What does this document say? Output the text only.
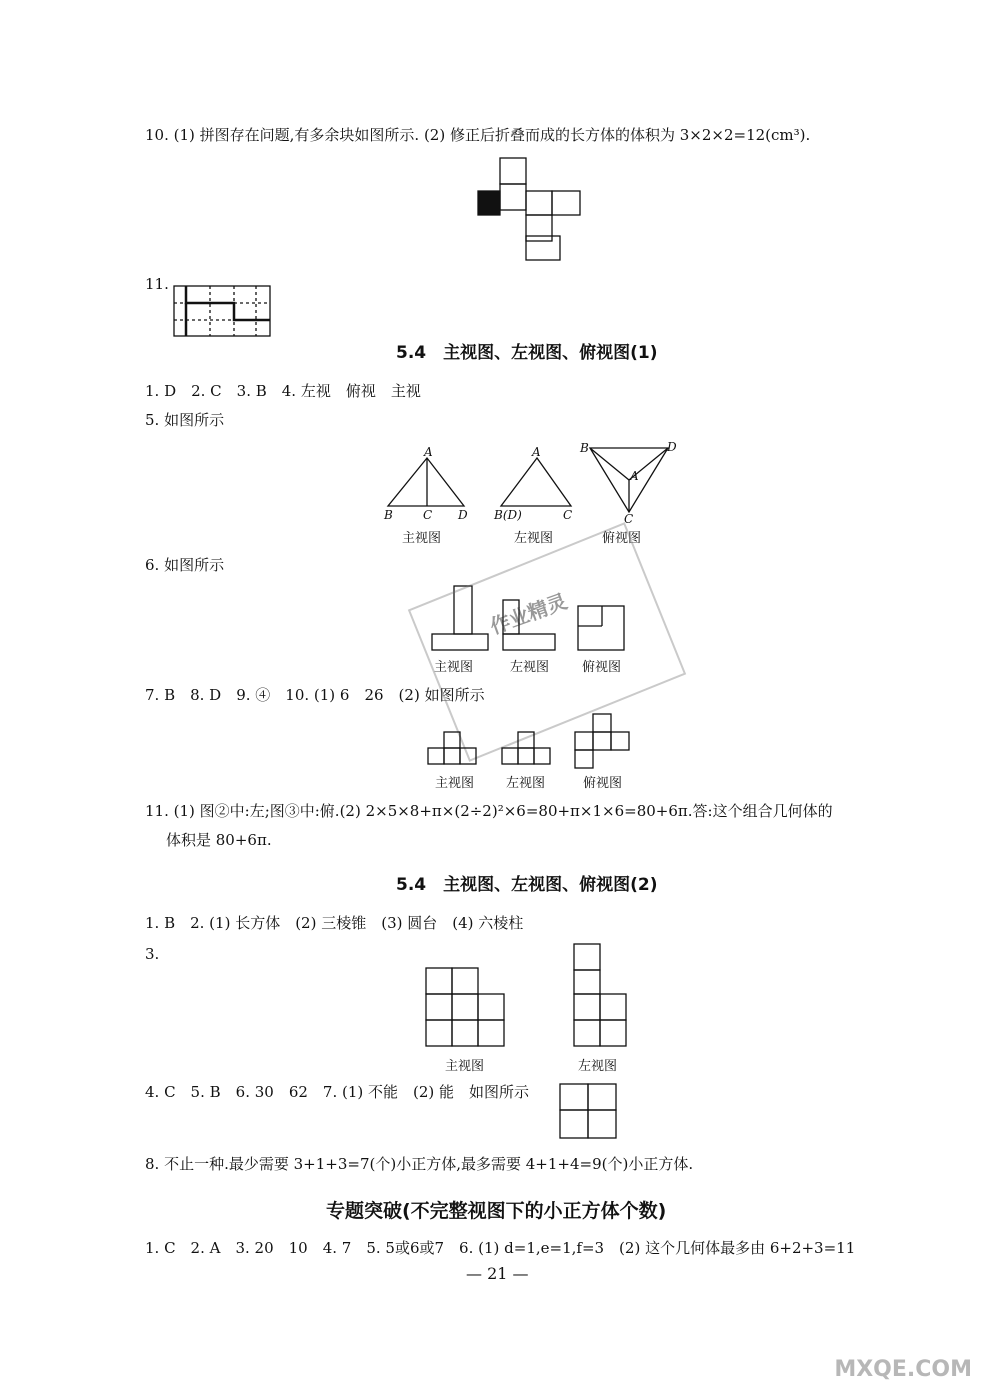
10. (1) 拼图存在问题,有多余块如图所示. (2) 修正后折叠而成的长方体的体积为 3×2×2=12(cm³).
11.
5.4　主视图、左视图、俯视图(1)
1. D　2. C　3. B　4. 左视　俯视　主视
5. 如图所示
A
B	C D
主视图
A
B(D)	C
左视图
B	D
A
C
俯视图
6. 如图所示
主视图	左视图	俯视图
作业精灵
7. B　8. D　9. ④　10. (1) 6　26　(2) 如图所示
主视图 左视图	俯视图
11. (1) 图②中:左;图③中:俯.(2) 2×5×8+π×(2÷2)²×6=80+π×1×6=80+6π.答:这个组合几何体的
体积是 80+6π.
5.4　主视图、左视图、俯视图(2)
1. B　2. (1) 长方体　(2) 三棱锥　(3) 圆台　(4) 六棱柱
3.
主视图	左视图
4. C　5. B　6. 30　62　7. (1) 不能　(2) 能　如图所示
8. 不止一种.最少需要 3+1+3=7(个)小正方体,最多需要 4+1+4=9(个)小正方体.
专题突破(不完整视图下的小正方体个数)
1. C　2. A　3. 20　10　4. 7　5. 5或6或7　6. (1) d=1,e=1,f=3　(2) 这个几何体最多由 6+2+3=11
— 21 —
MXQE.COM
